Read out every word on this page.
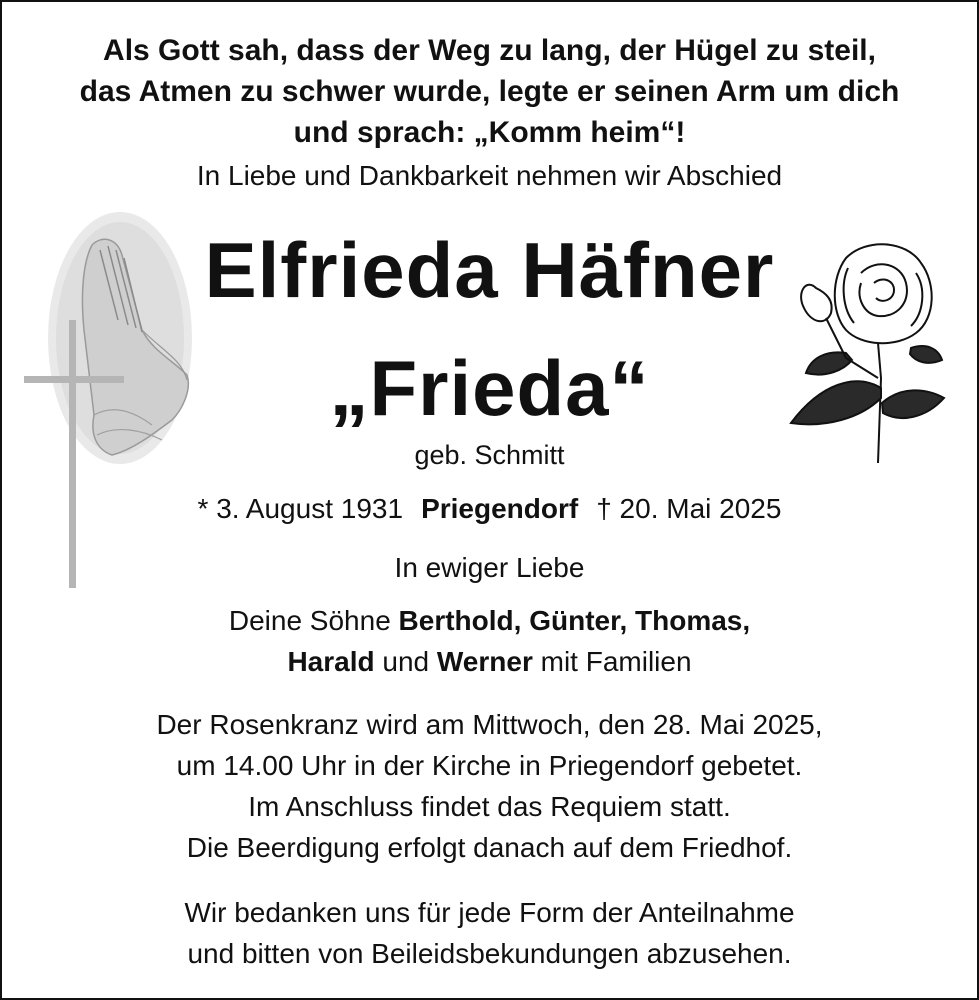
Als Gott sah, dass der Weg zu lang, der Hügel zu steil,
das Atmen zu schwer wurde, legte er seinen Arm um dich
und sprach: „Komm heim“!
In Liebe und Dankbarkeit nehmen wir Abschied
Elfrieda Häfner
„Frieda“
geb. Schmitt
* 3. August 1931 Priegendorf † 20. Mai 2025
In ewiger Liebe
Deine Söhne Berthold, Günter, Thomas,
Harald und Werner mit Familien
Der Rosenkranz wird am Mittwoch, den 28. Mai 2025,
um 14.00 Uhr in der Kirche in Priegendorf gebetet.
Im Anschluss findet das Requiem statt.
Die Beerdigung erfolgt danach auf dem Friedhof.
Wir bedanken uns für jede Form der Anteilnahme
und bitten von Beileidsbekundungen abzusehen.
